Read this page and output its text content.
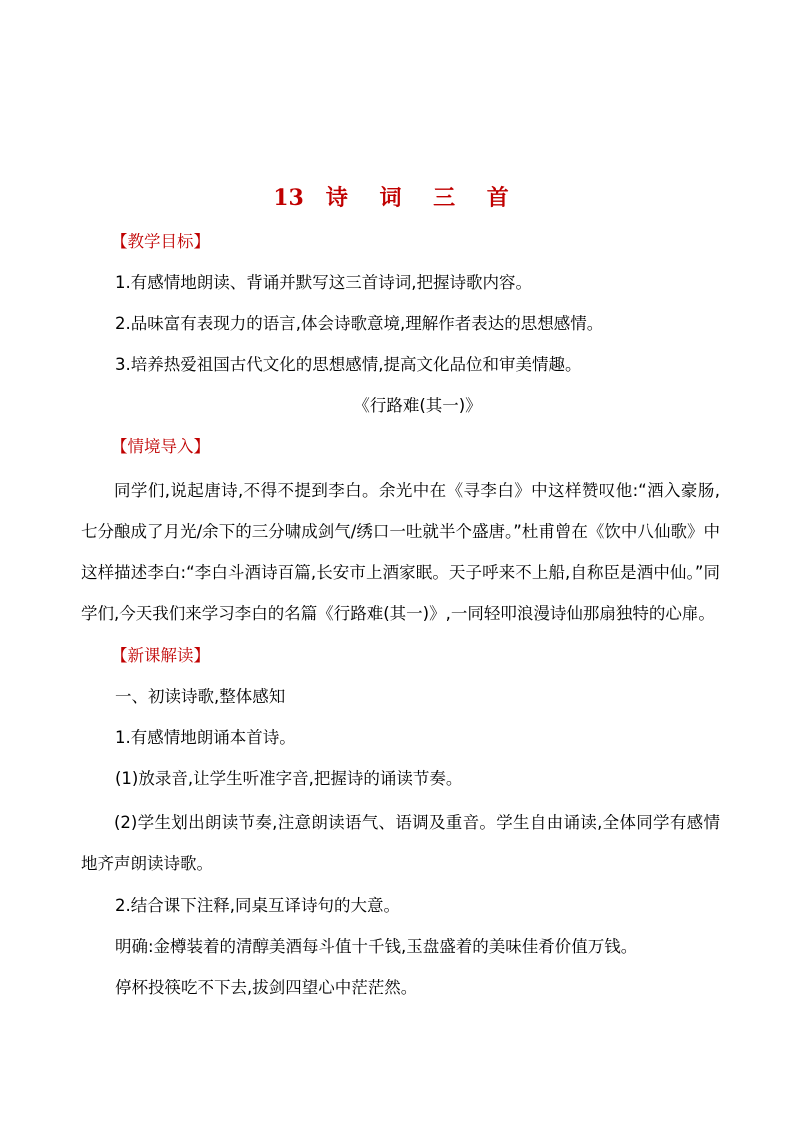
13 诗 词 三 首
【教学目标】
1.有感情地朗读、背诵并默写这三首诗词,把握诗歌内容。
2.品味富有表现力的语言,体会诗歌意境,理解作者表达的思想感情。
3.培养热爱祖国古代文化的思想感情,提高文化品位和审美情趣。
《行路难(其一)》
【情境导入】
同学们,说起唐诗,不得不提到李白。余光中在《寻李白》中这样赞叹他:“酒入豪肠,七分酿成了月光/余下的三分啸成剑气/绣口一吐就半个盛唐。”杜甫曾在《饮中八仙歌》中这样描述李白:“李白斗酒诗百篇,长安市上酒家眠。天子呼来不上船,自称臣是酒中仙。”同学们,今天我们来学习李白的名篇《行路难(其一)》,一同轻叩浪漫诗仙那扇独特的心扉。
【新课解读】
一、初读诗歌,整体感知
1.有感情地朗诵本首诗。
(1)放录音,让学生听准字音,把握诗的诵读节奏。
(2)学生划出朗读节奏,注意朗读语气、语调及重音。学生自由诵读,全体同学有感情地齐声朗读诗歌。
2.结合课下注释,同桌互译诗句的大意。
明确:金樽装着的清醇美酒每斗值十千钱,玉盘盛着的美味佳肴价值万钱。
停杯投筷吃不下去,拔剑四望心中茫茫然。
